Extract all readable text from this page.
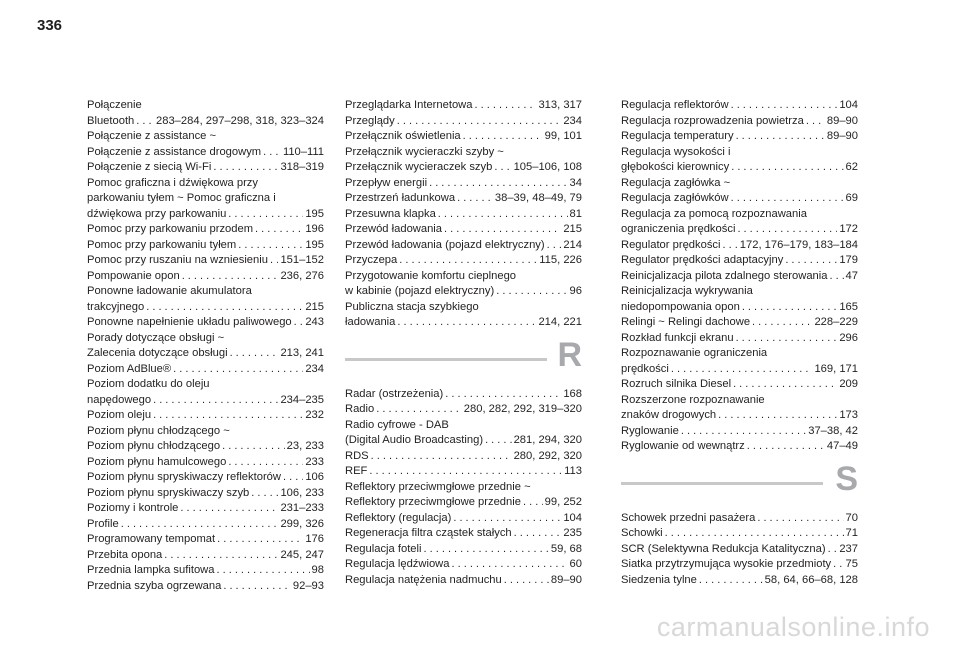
336
Połączenie
Bluetooth . . . 283–284, 297–298, 318, 323–324
Połączenie z assistance ~
Połączenie z assistance drogowym . . . 110–111
Połączenie z siecią Wi-Fi . . .	318–319
Pomoc graficzna i dźwiękowa przy
parkowaniu tyłem ~ Pomoc graficzna i
dźwiękowa przy parkowaniu . . .	195
Pomoc przy parkowaniu przodem . . .	196
Pomoc przy parkowaniu tyłem . . .	195
Pomoc przy ruszaniu na wzniesieniu . . . 151–152
Pompowanie opon . . .	236, 276
Ponowne ładowanie akumulatora
trakcyjnego . . .	215
Ponowne napełnienie układu paliwowego . . . 243
Porady dotyczące obsługi ~
Zalecenia dotyczące obsługi . . .	213, 241
Poziom AdBlue® . . .	234
Poziom dodatku do oleju
napędowego . . .	234–235
Poziom oleju . . .	232
Poziom płynu chłodzącego ~
Poziom płynu chłodzącego . . .	23, 233
Poziom płynu hamulcowego . . .	233
Poziom płynu spryskiwaczy reflektorów . . . 106
Poziom płynu spryskiwaczy szyb . . .	106, 233
Poziomy i kontrole . . .	231–233
Profile . . .	299, 326
Programowany tempomat . . .	176
Przebita opona . . .	245, 247
Przednia lampka sufitowa . . .	98
Przednia szyba ogrzewana . . .	92–93
Przeglądarka Internetowa . . .	313, 317
Przeglądy . . .	234
Przełącznik oświetlenia . . .	99, 101
Przełącznik wycieraczki szyby ~
Przełącznik wycieraczek szyb . . . 105–106, 108
Przepływ energii . . .	34
Przestrzeń ładunkowa . . .	38–39, 48–49, 79
Przesuwna klapka . . .	81
Przewód ładowania . . .	215
Przewód ładowania (pojazd elektryczny) . . . 214
Przyczepa . . .	115, 226
Przygotowanie komfortu cieplnego
w kabinie (pojazd elektryczny) . . .	96
Publiczna stacja szybkiego
ładowania . . .	214, 221
R
Radar (ostrzeżenia) . . .	168
Radio . . .	280, 282, 292, 319–320
Radio cyfrowe - DAB
(Digital Audio Broadcasting) . . .	281, 294, 320
RDS . . .	280, 292, 320
REF . . .	113
Reflektory przeciwmgłowe przednie ~
Reflektory przeciwmgłowe przednie . . . 99, 252
Reflektory (regulacja) . . .	104
Regeneracja filtra cząstek stałych . . .	235
Regulacja foteli . . .	59, 68
Regulacja lędźwiowa . . .	60
Regulacja natężenia nadmuchu . . .	89–90
Regulacja reflektorów . . .	104
Regulacja rozprowadzenia powietrza . . . 89–90
Regulacja temperatury . . .	89–90
Regulacja wysokości i
głębokości kierownicy . . .	62
Regulacja zagłówka ~
Regulacja zagłówków . . .	69
Regulacja za pomocą rozpoznawania
ograniczenia prędkości . . .	172
Regulator prędkości . . . 172, 176–179, 183–184
Regulator prędkości adaptacyjny . . .	179
Reinicjalizacja pilota zdalnego sterowania . . . 47
Reinicjalizacja wykrywania
niedopompowania opon . . .	165
Relingi ~ Relingi dachowe . . .	228–229
Rozkład funkcji ekranu . . .	296
Rozpoznawanie ograniczenia
prędkości . . .	169, 171
Rozruch silnika Diesel . . .	209
Rozszerzone rozpoznawanie
znaków drogowych . . .	173
Ryglowanie . . .	37–38, 42
Ryglowanie od wewnątrz . . .	47–49
S
Schowek przedni pasażera . . .	70
Schowki . . .	71
SCR (Selektywna Redukcja Katalityczna) . . . 237
Siatka przytrzymująca wysokie przedmioty . . . 75
Siedzenia tylne . . .	58, 64, 66–68, 128
carmanualsonline.info
